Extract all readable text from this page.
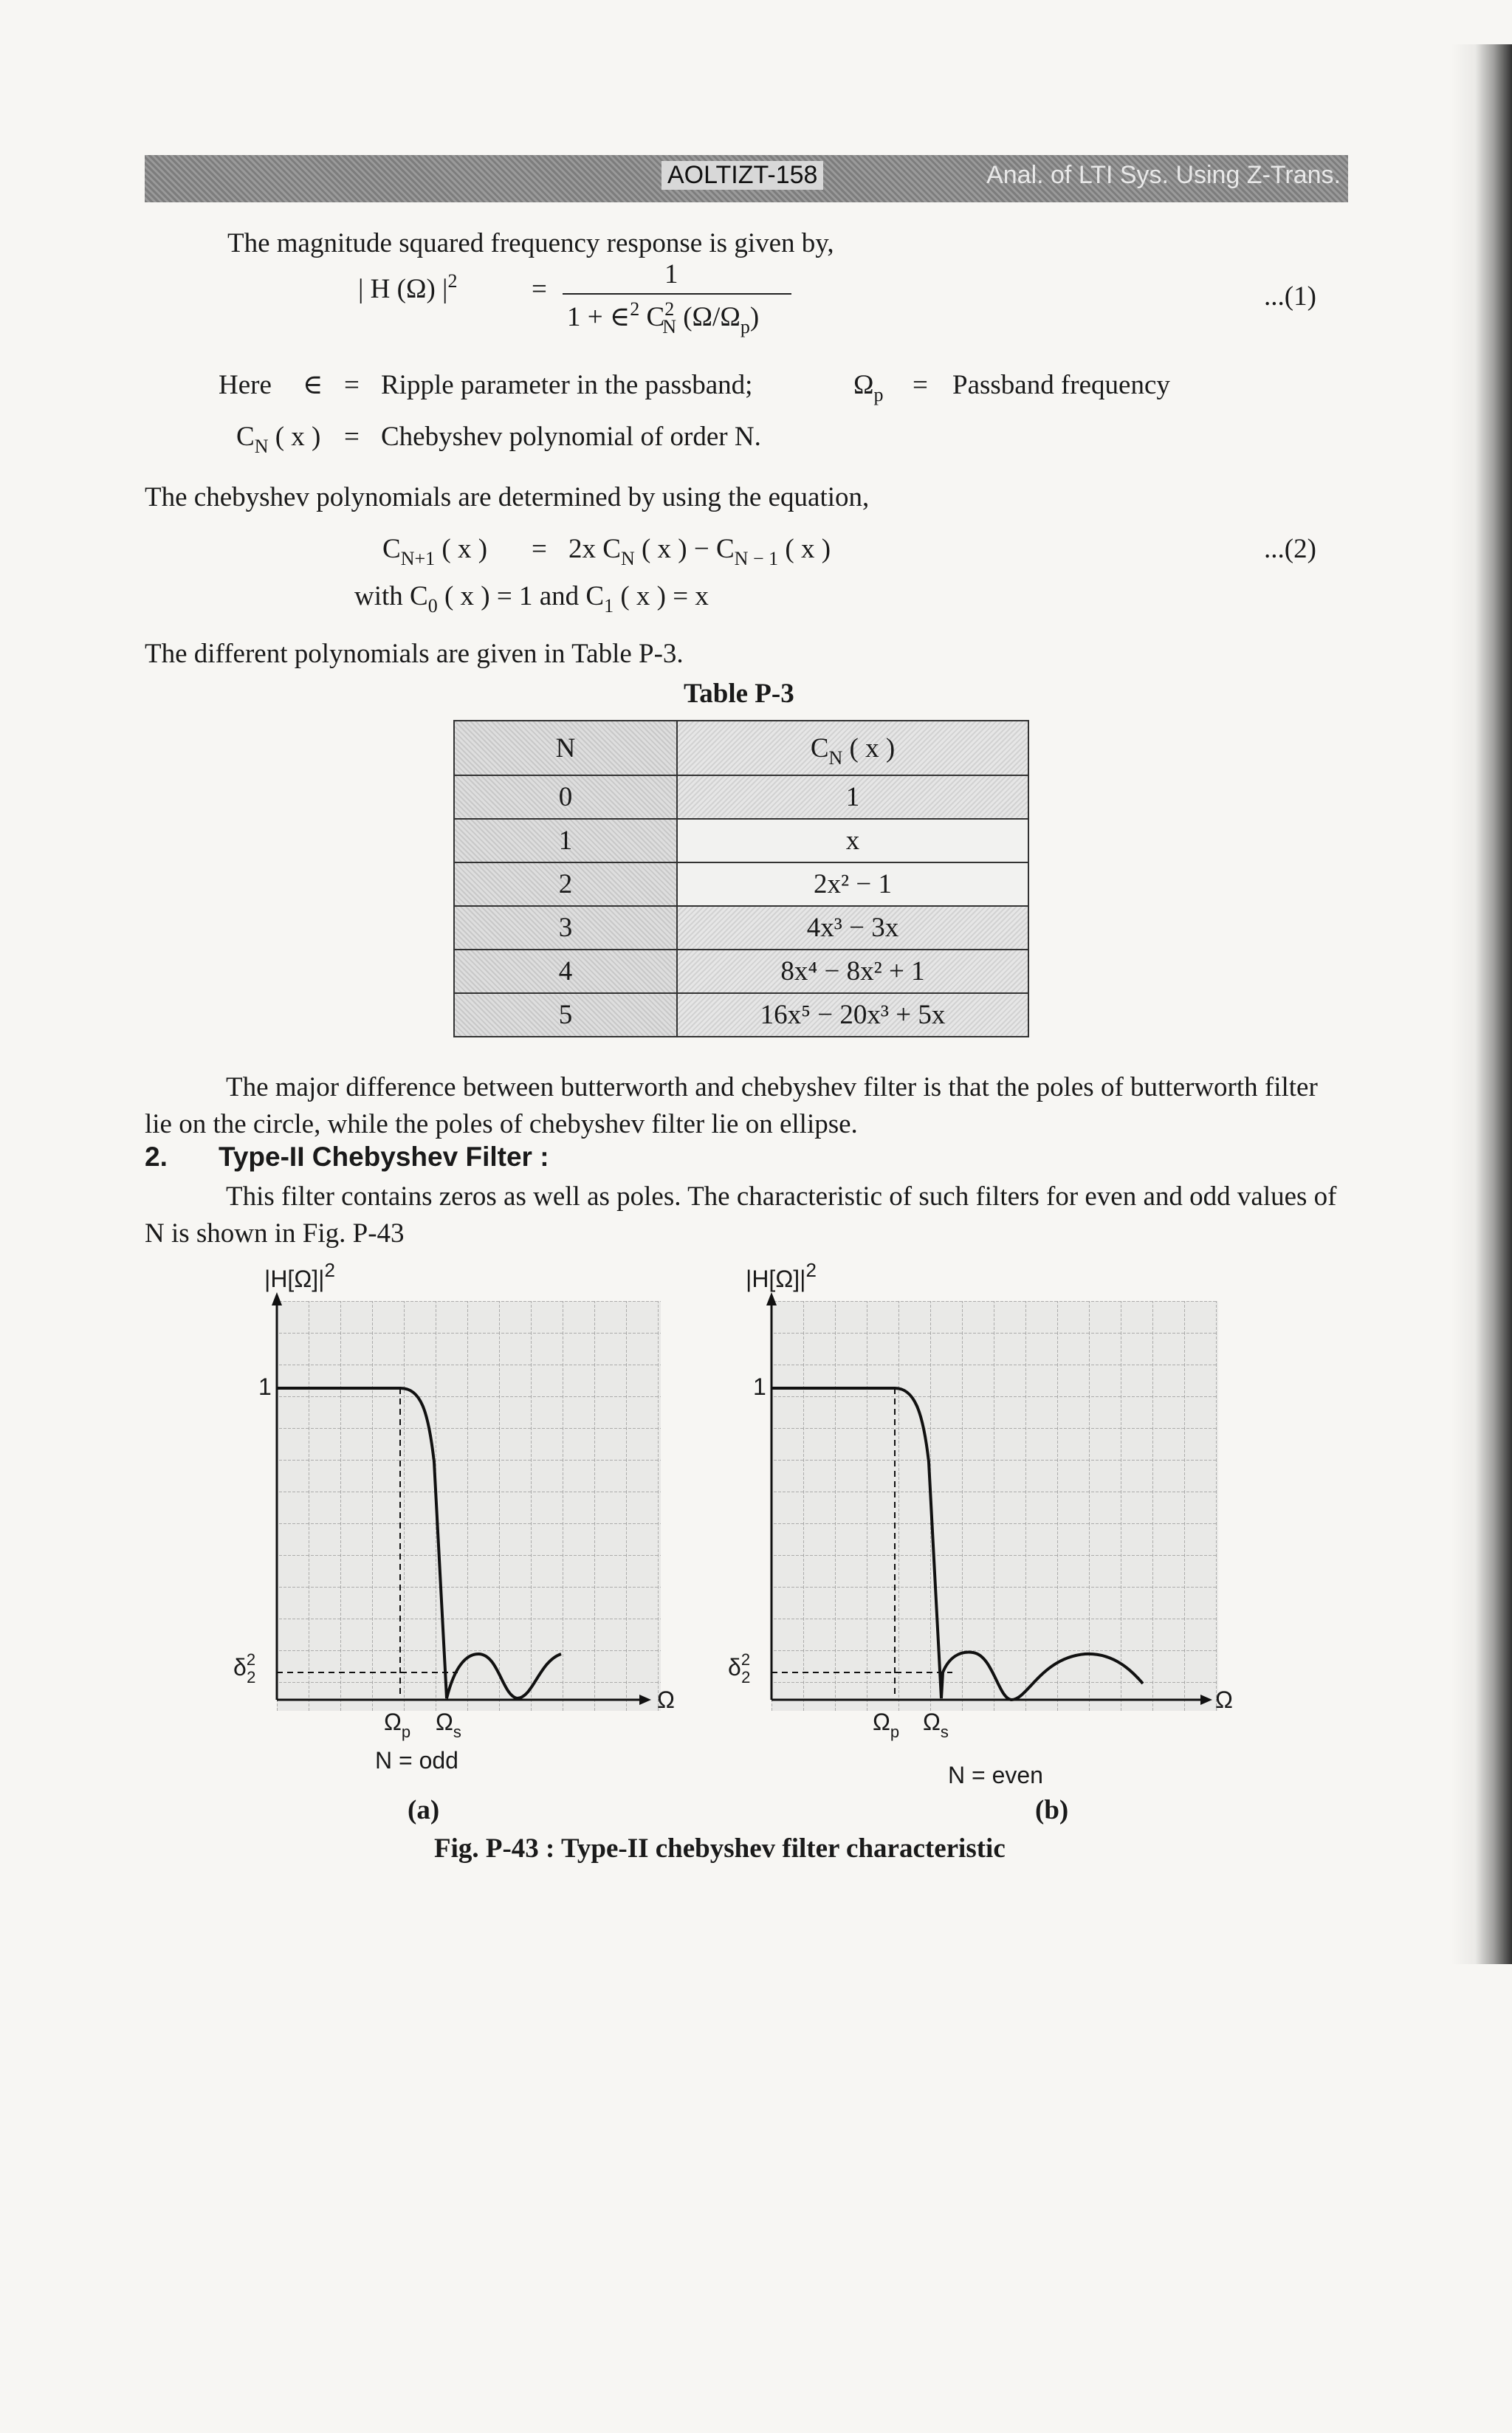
AOLTIZT-158	Anal. of LTI Sys. Using Z-Trans.
The magnitude squared frequency response is given by,
| H (Ω) $|^2$	=	1
1 + ∈$^2$ $C^2_N$ $(\Omega/\Omega_p)$
...(1)
Here ∈ = Ripple parameter in the passband;	$\Omega_p$ = Passband frequency
$C_N$ ( x ) = Chebyshev polynomial of order N.
The chebyshev polynomials are determined by using the equation,
$C_{N+1}$ ( x ) = 2x $C_N$ ( x ) − $C_{N - 1}$ ( x )	...(2)
with $C_0$ ( x ) = 1 and $C_1$ ( x ) = x
The different polynomials are given in Table P-3.
Table P-3
N	$C_N$ ( x )
0	1
1	x
2	2x² − 1
3	4x³ − 3x
4	8x⁴ − 8x² + 1
5	16x⁵ − 20x³ + 5x
The major difference between butterworth and chebyshev filter is that the poles of butterworth filter lie on the circle, while the poles of chebyshev filter lie on ellipse.
2. Type-II Chebyshev Filter :
This filter contains zeros as well as poles. The characteristic of such filters for even and odd values of N is shown in Fig. P-43
$|H[\Omega]|^2$
1
$\delta^2_2$
Ω
$\Omega_p$ $\Omega_s$
N = odd
(a)
$|H[\Omega]|^2$
1
$\delta^2_2$
Ω
$\Omega_p$ $\Omega_s$
N = even
(b)
Fig. P-43 : Type-II chebyshev filter characteristic
